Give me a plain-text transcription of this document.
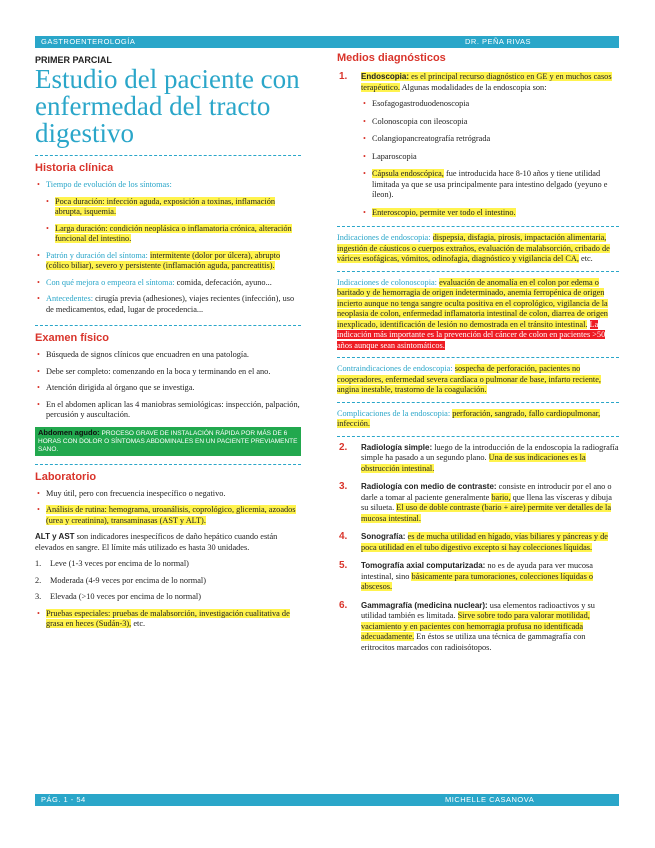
GASTROENTEROLOGÍA	DR. PEÑA RIVAS
PRIMER PARCIAL
Estudio del paciente con enfermedad del tracto digestivo
Historia clínica
• Tiempo de evolución de los síntomas:
• Poca duración: infección aguda, exposición a toxinas, inflamación abrupta, isquemia.
• Larga duración: condición neoplásica o inflamatoria crónica, alteración funcional del intestino.
• Patrón y duración del síntoma: intermitente (dolor por úlcera), abrupto (cólico biliar), severo y persistente (inflamación aguda, pancreatitis).
• Con qué mejora o empeora el síntoma: comida, defecación, ayuno...
• Antecedentes: cirugía previa (adhesiones), viajes recientes (infección), uso de medicamentos, edad, lugar de procedencia...
Examen físico
• Búsqueda de signos clínicos que encuadren en una patología.
• Debe ser completo: comenzando en la boca y terminando en el ano.
• Atención dirigida al órgano que se investiga.
• En el abdomen aplican las 4 maniobras semiológicas: inspección, palpación, percusión y auscultación.
Abdomen agudo: PROCESO GRAVE DE INSTALACIÓN RÁPIDA POR MÁS DE 6 HORAS CON DOLOR O SÍNTOMAS ABDOMINALES EN UN PACIENTE PREVIAMENTE SANO.
Laboratorio
• Muy útil, pero con frecuencia inespecífico o negativo.
• Análisis de rutina: hemograma, uroanálisis, coprológico, glicemia, azoados (urea y creatinina), transaminasas (AST y ALT).

ALT y AST son indicadores inespecíficos de daño hepático cuando están elevados en sangre. El límite más utilizado es hasta 30 unidades.

1. Leve (1-3 veces por encima de lo normal)
2. Moderada (4-9 veces por encima de lo normal)
3. Elevada (>10 veces por encima de lo normal)
• Pruebas especiales: pruebas de malabsorción, investigación cualitativa de grasa en heces (Sudán-3), etc.
Medios diagnósticos
1. Endoscopia: es el principal recurso diagnóstico en GE y en muchos casos terapéutico. Algunas modalidades de la endoscopia son:
• Esofagogastroduodenoscopia
• Colonoscopia con ileoscopia
• Colangiopancreatografía retrógrada
• Laparoscopia
• Cápsula endoscópica, fue introducida hace 8-10 años y tiene utilidad limitada ya que se usa principalmente para intestino delgado (yeyuno e íleon).
• Enteroscopio, permite ver todo el intestino.

Indicaciones de endoscopia: dispepsia, disfagia, pirosis, impactación alimentaria, ingestión de cáusticos o cuerpos extraños, evaluación de malabsorción, cribado de várices esofágicas, vómitos, odinofagia, diagnóstico y vigilancia del CA, etc.

Indicaciones de colonoscopia: evaluación de anomalía en el colon por edema o baritado y de hemorragia de origen indeterminado, anemia ferropénica de origen incierto aunque no tenga sangre oculta positiva en el coprológico, vigilancia de la neoplasia de colon, enfermedad inflamatoria intestinal de colon, diarrea de origen inexplicado, identificación de lesión no demostrada en el tránsito intestinal. La indicación más importante es la prevención del cáncer de colon en pacientes >50 años aunque sean asintomáticos.

Contraindicaciones de endoscopia: sospecha de perforación, pacientes no cooperadores, enfermedad severa cardíaca o pulmonar de base, infarto reciente, angina inestable, trastorno de la coagulación.

Complicaciones de la endoscopia: perforación, sangrado, fallo cardiopulmonar, infección.

2. Radiología simple: luego de la introducción de la endoscopia la radiografía simple ha pasado a un segundo plano. Una de sus indicaciones es la obstrucción intestinal.
3. Radiología con medio de contraste: consiste en introducir por el ano o darle a tomar al paciente generalmente bario, que llena las vísceras y dibuja su silueta. El uso de doble contraste (bario + aire) permite ver detalles de la mucosa intestinal.
4. Sonografía: es de mucha utilidad en hígado, vías biliares y páncreas y de poca utilidad en el tubo digestivo excepto si hay colecciones líquidas.
5. Tomografía axial computarizada: no es de ayuda para ver mucosa intestinal, sino básicamente para tumoraciones, colecciones líquidas o abscesos.
6. Gammagrafía (medicina nuclear): usa elementos radioactivos y su utilidad también es limitada. Sirve sobre todo para valorar motilidad, vaciamiento y en pacientes con hemorragia profusa no identificada adecuadamente. En éstos se utiliza una técnica de gammagrafía con eritrocitos marcados con radioisótopos.
PÁG. 1 - 54	MICHELLE CASANOVA
